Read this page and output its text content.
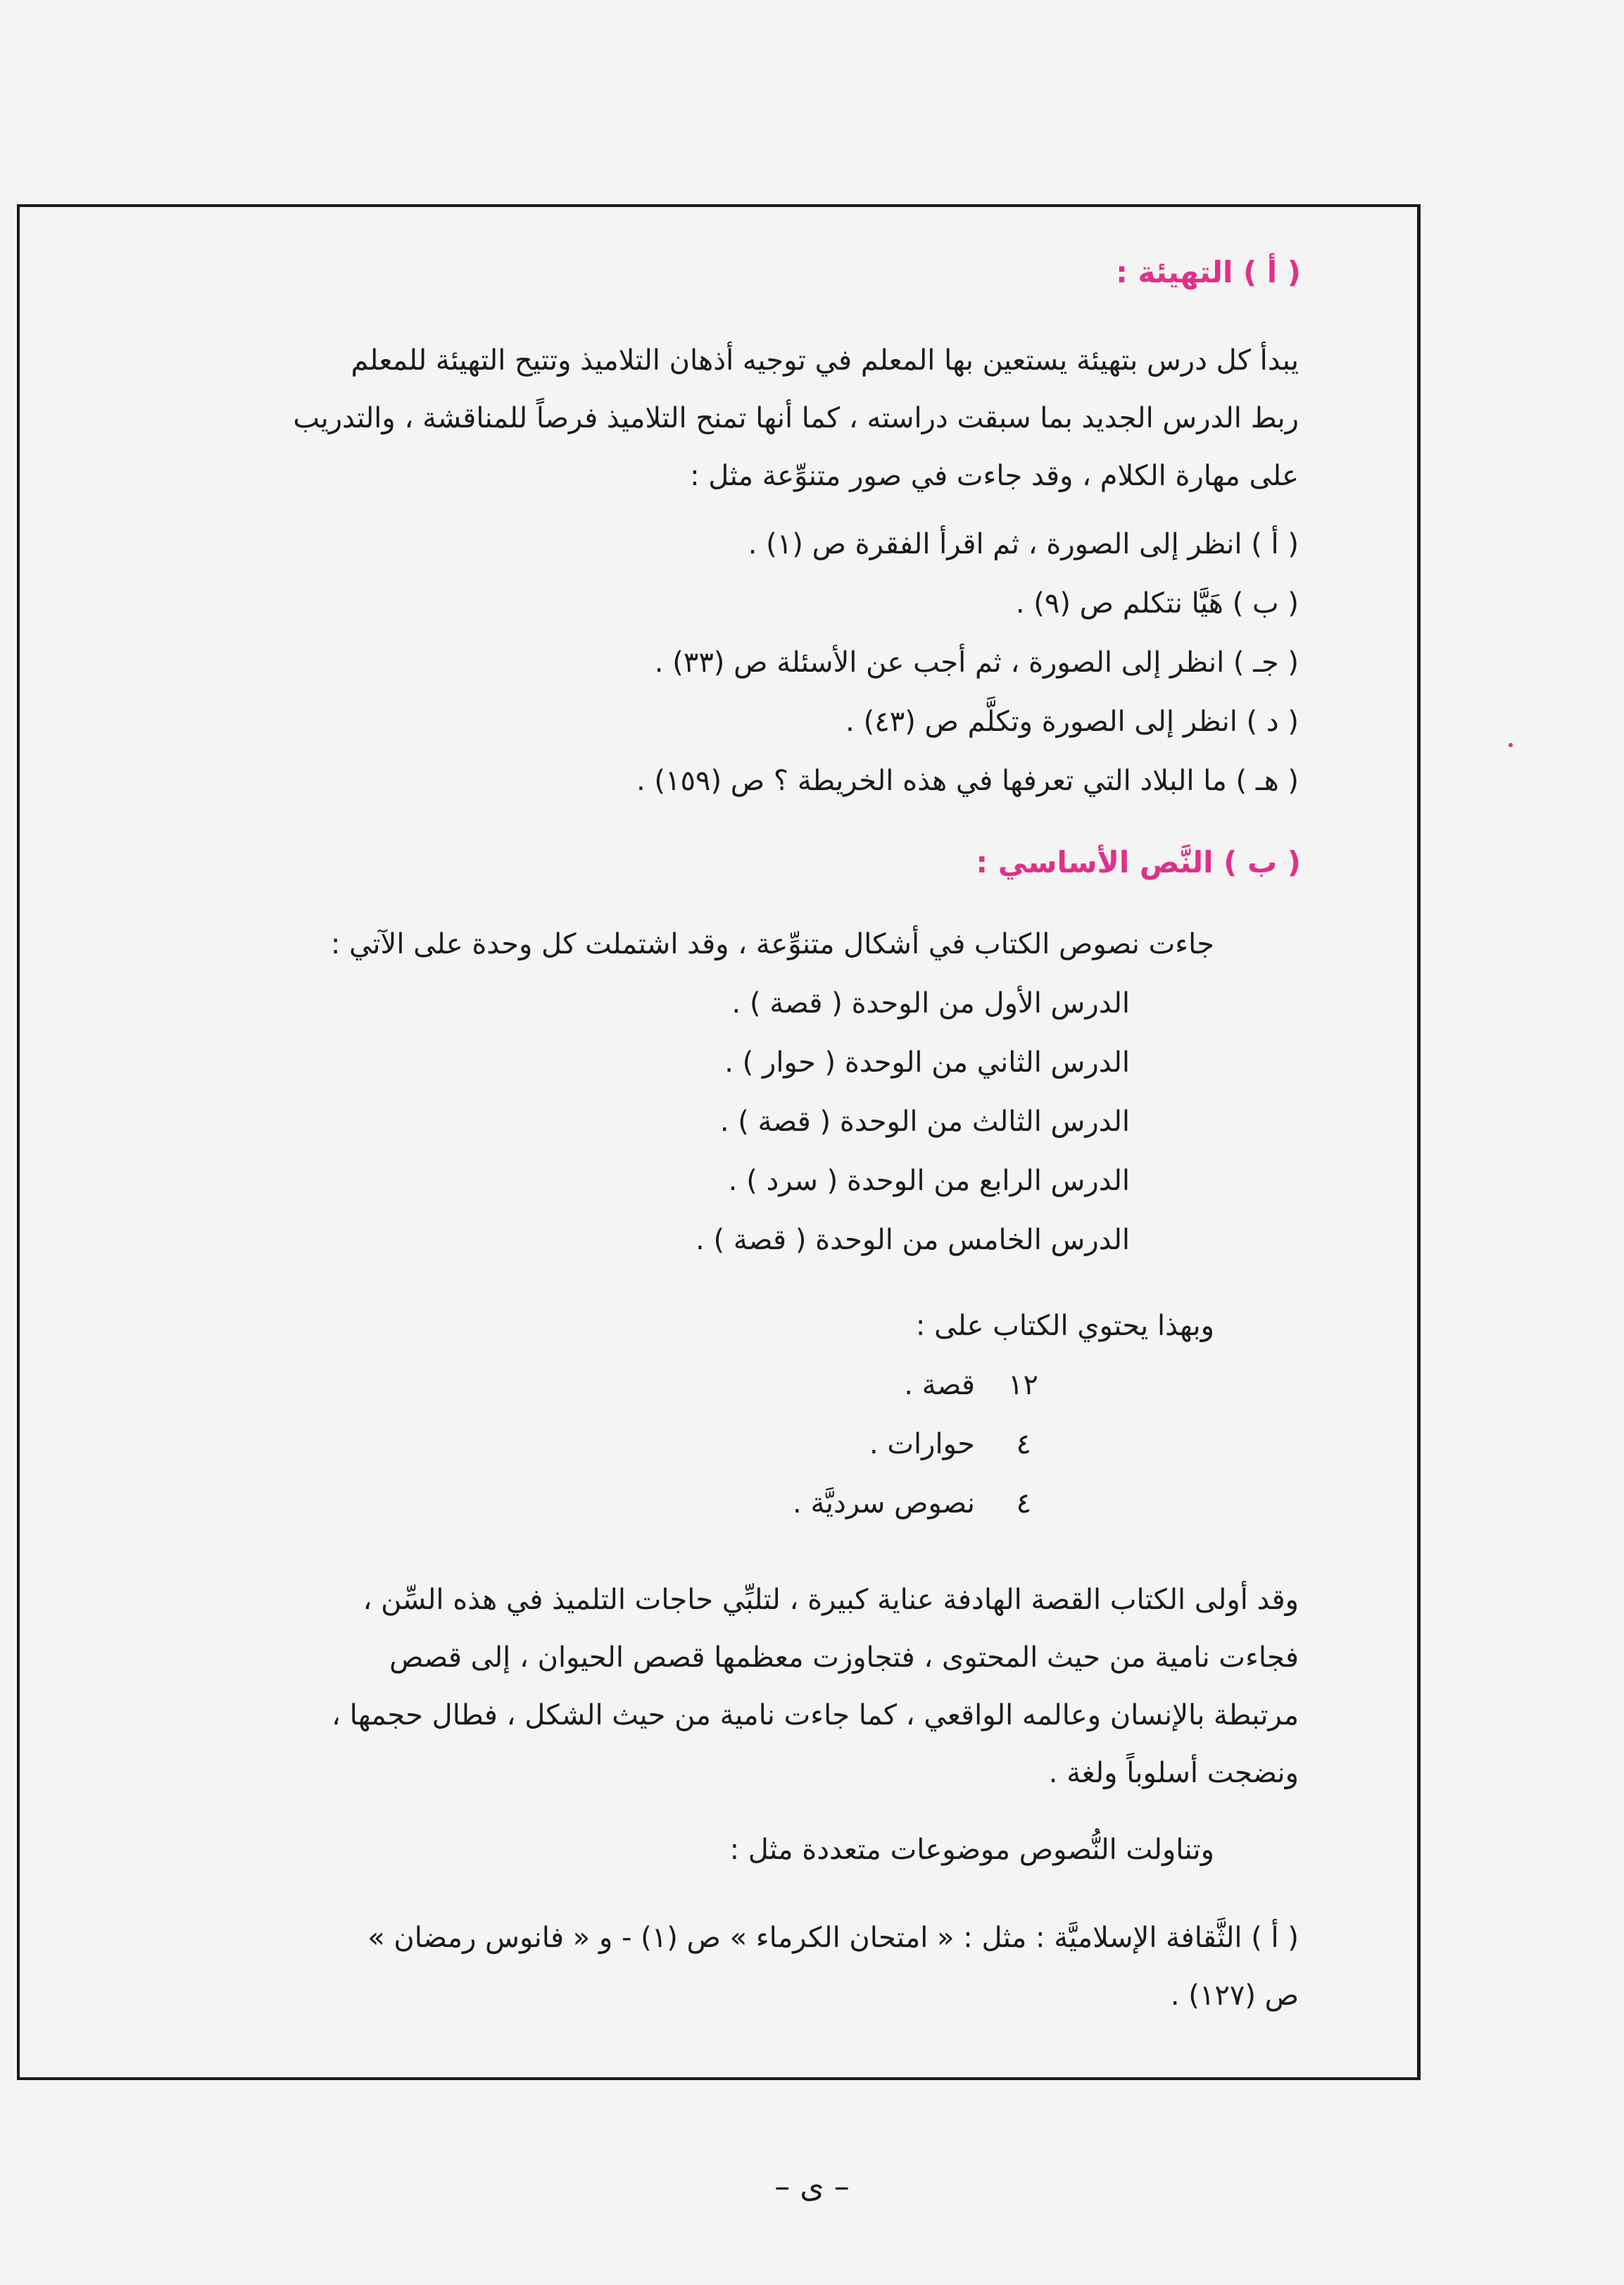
( أ ) التهيئة :
يبدأ كل درس بتهيئة يستعين بها المعلم في توجيه أذهان التلاميذ وتتيح التهيئة للمعلم
ربط الدرس الجديد بما سبقت دراسته ، كما أنها تمنح التلاميذ فرصاً للمناقشة ، والتدريب
على مهارة الكلام ، وقد جاءت في صور متنوِّعة مثل :
( أ ) انظر إلى الصورة ، ثم اقرأ الفقرة ص (١) .
( ب ) هَيَّا نتكلم ص (٩) .
( جـ ) انظر إلى الصورة ، ثم أجب عن الأسئلة ص (٣٣) .
( د ) انظر إلى الصورة وتكلَّم ص (٤٣) .
( هـ ) ما البلاد التي تعرفها في هذه الخريطة ؟ ص (١٥٩) .
( ب ) النَّص الأساسي :
جاءت نصوص الكتاب في أشكال متنوِّعة ، وقد اشتملت كل وحدة على الآتي :
الدرس الأول من الوحدة ( قصة ) .
الدرس الثاني من الوحدة ( حوار ) .
الدرس الثالث من الوحدة ( قصة ) .
الدرس الرابع من الوحدة ( سرد ) .
الدرس الخامس من الوحدة ( قصة ) .
وبهذا يحتوي الكتاب على :
١٢
قصة .
٤
حوارات .
٤
نصوص سرديَّة .
وقد أولى الكتاب القصة الهادفة عناية كبيرة ، لتلبِّي حاجات التلميذ في هذه السِّن ،
فجاءت نامية من حيث المحتوى ، فتجاوزت معظمها قصص الحيوان ، إلى قصص
مرتبطة بالإنسان وعالمه الواقعي ، كما جاءت نامية من حيث الشكل ، فطال حجمها ،
ونضجت أسلوباً ولغة .
وتناولت النُّصوص موضوعات متعددة مثل :
( أ ) الثَّقافة الإسلاميَّة : مثل : « امتحان الكرماء » ص (١) - و « فانوس رمضان »
ص (١٢٧) .
– ى –
